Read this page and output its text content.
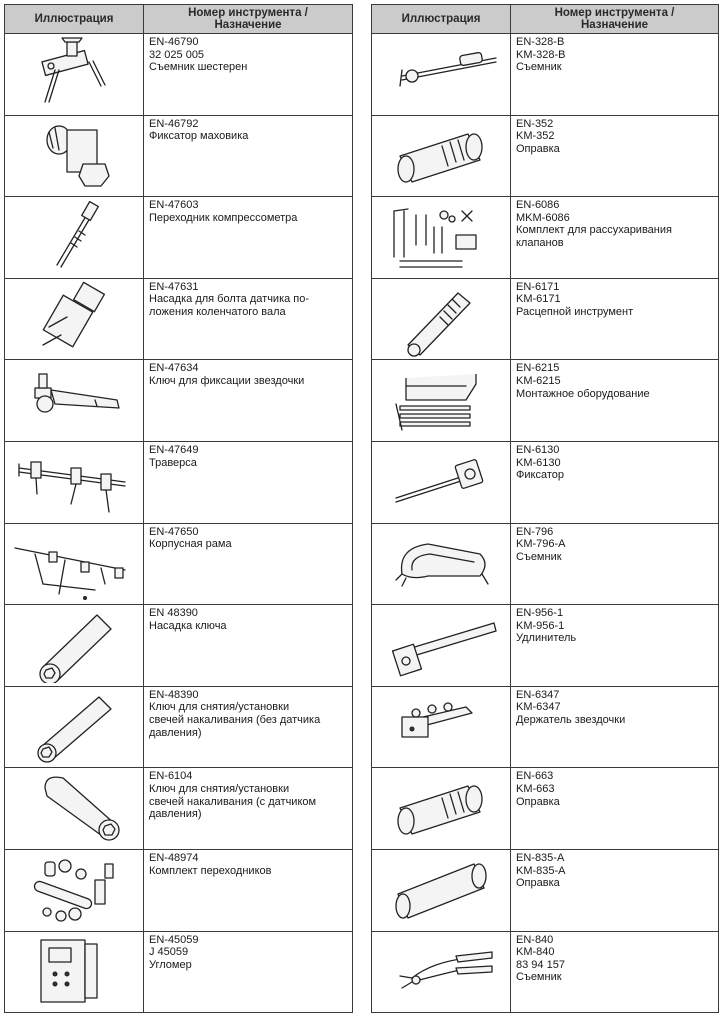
Иллюстрация	Номер инструмента /
Назначение

EN-46790
32 025 005
Съемник шестерен

EN-46792
Фиксатор маховика

EN-47603
Переходник компрессометра

EN-47631
Насадка для болта датчика по-
ложения коленчатого вала

EN-47634
Ключ для фиксации звездочки

EN-47649
Траверса

EN-47650
Корпусная рама

EN 48390
Насадка ключа

EN-48390
Ключ для снятия/установки
свечей накаливания (без датчика
давления)

EN-6104
Ключ для снятия/установки
свечей накаливания (с датчиком
давления)

EN-48974
Комплект переходников

EN-45059
J 45059
Угломер
Иллюстрация	Номер инструмента /
Назначение

EN-328-B
KM-328-B
Съемник

EN-352
KM-352
Оправка

EN-6086
MKM-6086
Комплект для рассухаривания
клапанов

EN-6171
KM-6171
Расцепной инструмент

EN-6215
KM-6215
Монтажное оборудование

EN-6130
KM-6130
Фиксатор

EN-796
KM-796-A
Съемник

EN-956-1
KM-956-1
Удлинитель

EN-6347
KM-6347
Держатель звездочки

EN-663
KM-663
Оправка

EN-835-A
KM-835-A
Оправка

EN-840
KM-840
83 94 157
Съемник
